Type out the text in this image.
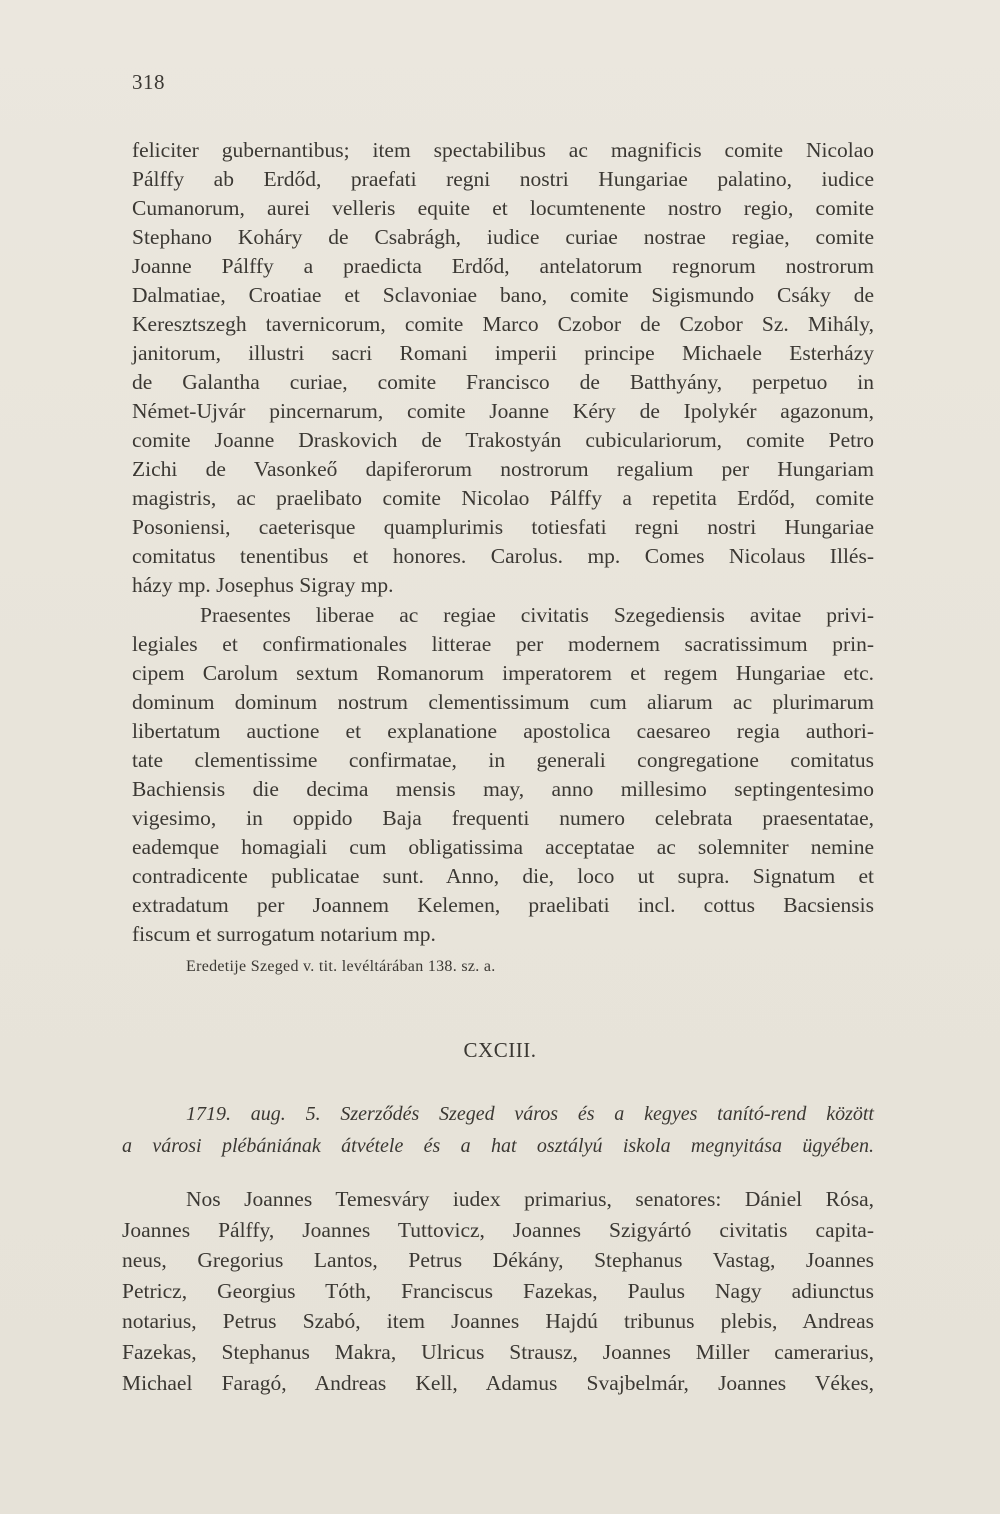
318
feliciter gubernantibus; item spectabilibus ac magnificis comite Nicolao
Pálffy ab Erdőd, praefati regni nostri Hungariae palatino, iudice
Cumanorum, aurei velleris equite et locumtenente nostro regio, comite
Stephano Koháry de Csabrágh, iudice curiae nostrae regiae, comite
Joanne Pálffy a praedicta Erdőd, antelatorum regnorum nostrorum
Dalmatiae, Croatiae et Sclavoniae bano, comite Sigismundo Csáky de
Keresztszegh tavernicorum, comite Marco Czobor de Czobor Sz. Mihály,
janitorum, illustri sacri Romani imperii principe Michaele Esterházy
de Galantha curiae, comite Francisco de Batthyány, perpetuo in
Német-Ujvár pincernarum, comite Joanne Kéry de Ipolykér agazonum,
comite Joanne Draskovich de Trakostyán cubiculariorum, comite Petro
Zichi de Vasonkeő dapiferorum nostrorum regalium per Hungariam
magistris, ac praelibato comite Nicolao Pálffy a repetita Erdőd, comite
Posoniensi, caeterisque quamplurimis totiesfati regni nostri Hungariae
comitatus tenentibus et honores. Carolus. mp. Comes Nicolaus Illés-
házy mp. Josephus Sigray mp.
Praesentes liberae ac regiae civitatis Szegediensis avitae privi-
legiales et confirmationales litterae per modernem sacratissimum prin-
cipem Carolum sextum Romanorum imperatorem et regem Hungariae etc.
dominum dominum nostrum clementissimum cum aliarum ac plurimarum
libertatum auctione et explanatione apostolica caesareo regia authori-
tate clementissime confirmatae, in generali congregatione comitatus
Bachiensis die decima mensis may, anno millesimo septingentesimo
vigesimo, in oppido Baja frequenti numero celebrata praesentatae,
eademque homagiali cum obligatissima acceptatae ac solemniter nemine
contradicente publicatae sunt. Anno, die, loco ut supra. Signatum et
extradatum per Joannem Kelemen, praelibati incl. cottus Bacsiensis
fiscum et surrogatum notarium mp.
Eredetije Szeged v. tit. levéltárában 138. sz. a.
CXCIII.
1719. aug. 5. Szerződés Szeged város és a kegyes tanító-rend között
a városi plébániának átvétele és a hat osztályú iskola megnyitása ügyében.
Nos Joannes Temesváry iudex primarius, senatores: Dániel Rósa,
Joannes Pálffy, Joannes Tuttovicz, Joannes Szigyártó civitatis capita-
neus, Gregorius Lantos, Petrus Dékány, Stephanus Vastag, Joannes
Petricz, Georgius Tóth, Franciscus Fazekas, Paulus Nagy adiunctus
notarius, Petrus Szabó, item Joannes Hajdú tribunus plebis, Andreas
Fazekas, Stephanus Makra, Ulricus Strausz, Joannes Miller camerarius,
Michael Faragó, Andreas Kell, Adamus Svajbelmár, Joannes Vékes,
